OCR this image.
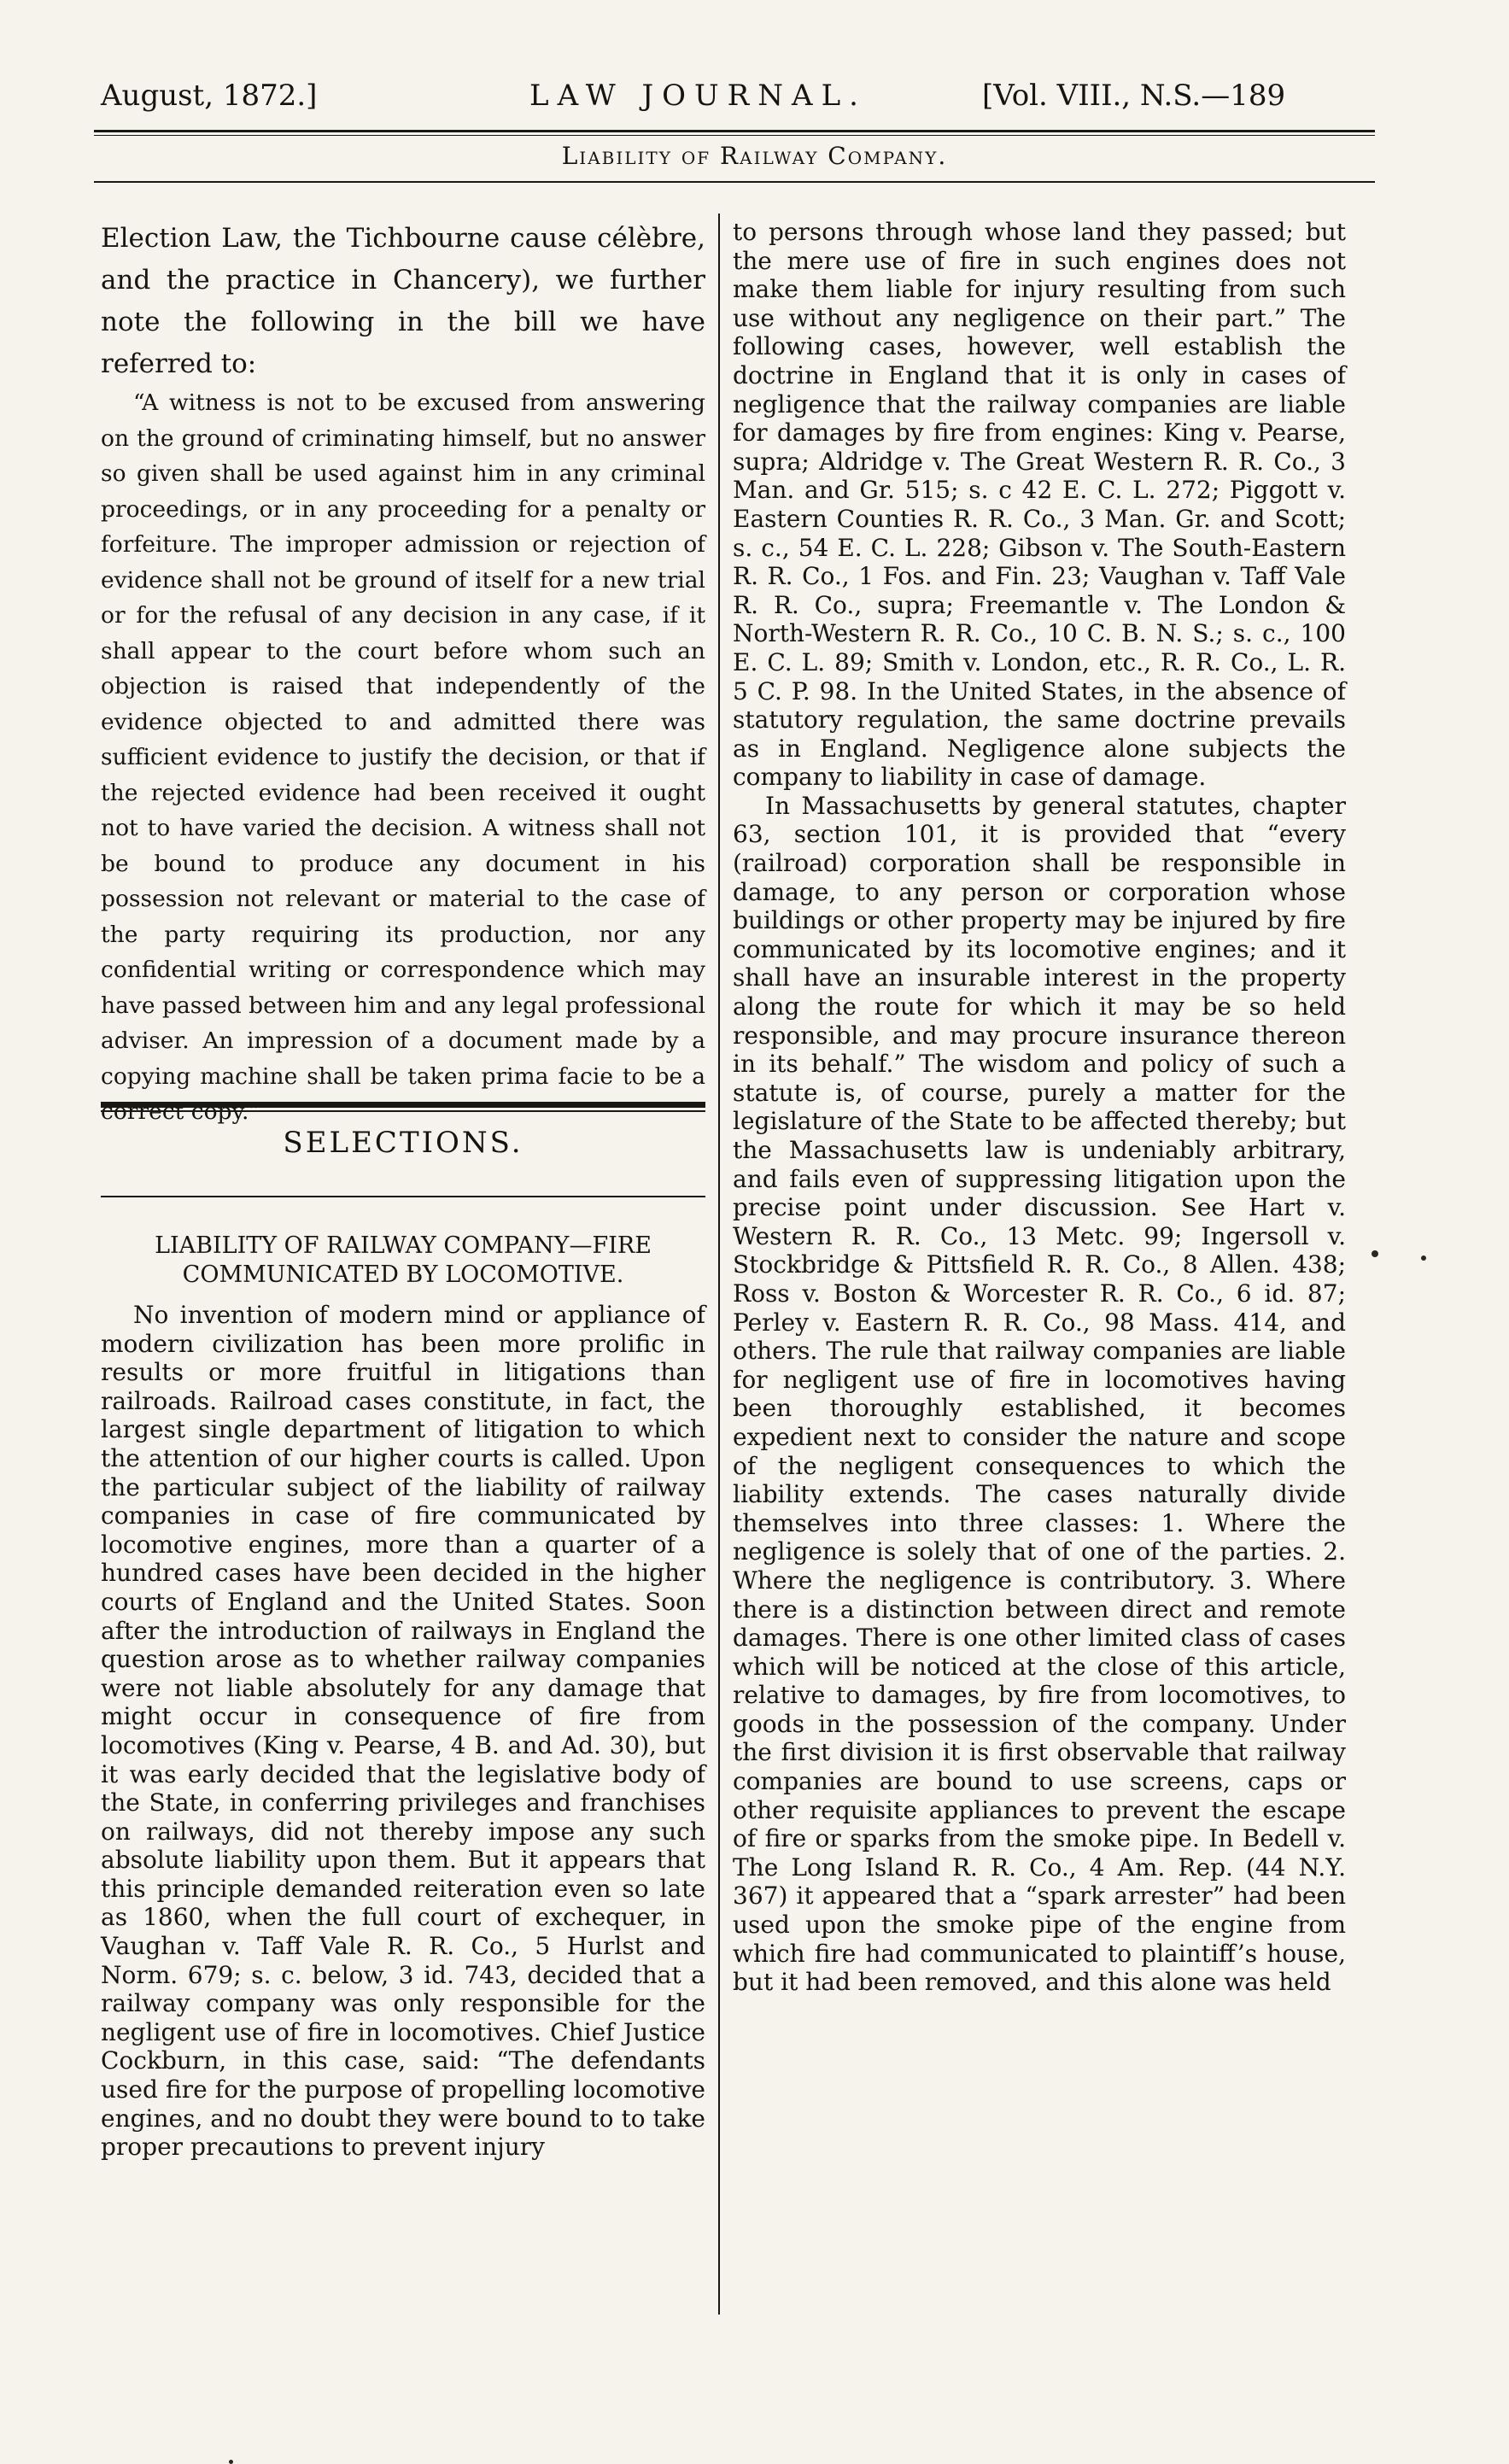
August, 1872.]	LAW JOURNAL.	[Vol. VIII., N.S.—189
Liability of Railway Company.

Election Law, the Tichbourne cause célèbre, and the practice in Chancery), we further note the following in the bill we have referred to:

“A witness is not to be excused from answering on the ground of criminating himself, but no answer so given shall be used against him in any criminal proceedings, or in any proceeding for a penalty or forfeiture. The improper admission or rejection of evidence shall not be ground of itself for a new trial or for the refusal of any decision in any case, if it shall appear to the court before whom such an objection is raised that independently of the evidence objected to and admitted there was sufficient evidence to justify the decision, or that if the rejected evidence had been received it ought not to have varied the decision. A witness shall not be bound to produce any document in his possession not relevant or material to the case of the party requiring its production, nor any confidential writing or correspondence which may have passed between him and any legal professional adviser. An impression of a document made by a copying machine shall be taken prima facie to be a correct copy.”

SELECTIONS.
LIABILITY OF RAILWAY COMPANY—FIRE
COMMUNICATED BY LOCOMOTIVE.

No invention of modern mind or appliance of modern civilization has been more prolific in results or more fruitful in litigations than railroads. Railroad cases constitute, in fact, the largest single department of litigation to which the attention of our higher courts is called. Upon the particular subject of the liability of railway companies in case of fire communicated by locomotive engines, more than a quarter of a hundred cases have been decided in the higher courts of England and the United States. Soon after the introduction of railways in England the question arose as to whether railway companies were not liable absolutely for any damage that might occur in consequence of fire from locomotives (King v. Pearse, 4 B. and Ad. 30), but it was early decided that the legislative body of the State, in conferring privileges and franchises on railways, did not thereby impose any such absolute liability upon them. But it appears that this principle demanded reiteration even so late as 1860, when the full court of exchequer, in Vaughan v. Taff Vale R. R. Co., 5 Hurlst and Norm. 679; s. c. below, 3 id. 743, decided that a railway company was only responsible for the negligent use of fire in locomotives. Chief Justice Cockburn, in this case, said: “The defendants used fire for the purpose of propelling locomotive engines, and no doubt they were bound to to take proper precautions to prevent injury

to persons through whose land they passed; but the mere use of fire in such engines does not make them liable for injury resulting from such use without any negligence on their part.” The following cases, however, well establish the doctrine in England that it is only in cases of negligence that the railway companies are liable for damages by fire from engines: King v. Pearse, supra; Aldridge v. The Great Western R. R. Co., 3 Man. and Gr. 515; s. c 42 E. C. L. 272; Piggott v. Eastern Counties R. R. Co., 3 Man. Gr. and Scott; s. c., 54 E. C. L. 228; Gibson v. The South-Eastern R. R. Co., 1 Fos. and Fin. 23; Vaughan v. Taff Vale R. R. Co., supra; Freemantle v. The London & North-Western R. R. Co., 10 C. B. N. S.; s. c., 100 E. C. L. 89; Smith v. London, etc., R. R. Co., L. R. 5 C. P. 98. In the United States, in the absence of statutory regulation, the same doctrine prevails as in England. Negligence alone subjects the company to liability in case of damage.

In Massachusetts by general statutes, chapter 63, section 101, it is provided that “every (railroad) corporation shall be responsible in damage, to any person or corporation whose buildings or other property may be injured by fire communicated by its locomotive engines; and it shall have an insurable interest in the property along the route for which it may be so held responsible, and may procure insurance thereon in its behalf.” The wisdom and policy of such a statute is, of course, purely a matter for the legislature of the State to be affected thereby; but the Massachusetts law is undeniably arbitrary, and fails even of suppressing litigation upon the precise point under discussion. See Hart v. Western R. R. Co., 13 Metc. 99; Ingersoll v. Stockbridge & Pittsfield R. R. Co., 8 Allen. 438; Ross v. Boston & Worcester R. R. Co., 6 id. 87; Perley v. Eastern R. R. Co., 98 Mass. 414, and others. The rule that railway companies are liable for negligent use of fire in locomotives having been thoroughly established, it becomes expedient next to consider the nature and scope of the negligent consequences to which the liability extends. The cases naturally divide themselves into three classes: 1. Where the negligence is solely that of one of the parties. 2. Where the negligence is contributory. 3. Where there is a distinction between direct and remote damages. There is one other limited class of cases which will be noticed at the close of this article, relative to damages, by fire from locomotives, to goods in the possession of the company. Under the first division it is first observable that railway companies are bound to use screens, caps or other requisite appliances to prevent the escape of fire or sparks from the smoke pipe. In Bedell v. The Long Island R. R. Co., 4 Am. Rep. (44 N.Y. 367) it appeared that a “spark arrester” had been used upon the smoke pipe of the engine from which fire had communicated to plaintiff’s house, but it had been removed, and this alone was held
